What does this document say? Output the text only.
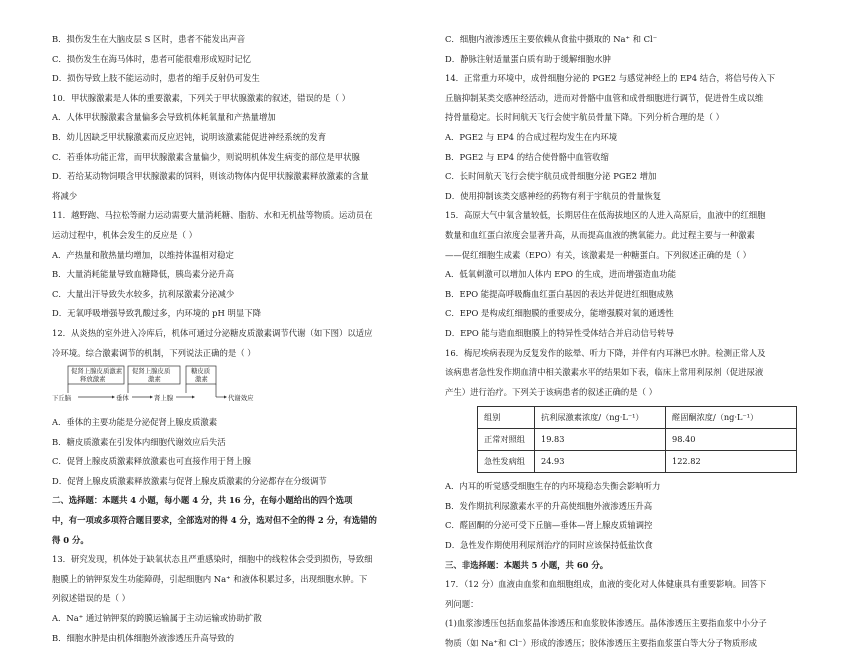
B．损伤发生在大脑皮层 S 区时，患者不能发出声音
C．损伤发生在海马体时，患者可能很难形成短时记忆
D．损伤导致上肢不能运动时，患者的缩手反射仍可发生
10．甲状腺激素是人体的重要激素，下列关于甲状腺激素的叙述，错误的是（ ）
A．人体甲状腺激素含量偏多会导致机体耗氧量和产热量增加
B．幼儿因缺乏甲状腺激素而反应迟钝，说明该激素能促进神经系统的发育
C．若垂体功能正常，而甲状腺激素含量偏少，则说明机体发生病变的部位是甲状腺
D．若给某动物饲喂含甲状腺激素的饲料，则该动物体内促甲状腺激素释放激素的含量
将减少
11．越野跑、马拉松等耐力运动需要大量消耗糖、脂肪、水和无机盐等物质。运动员在
运动过程中，机体会发生的反应是（ ）
A．产热量和散热量均增加，以维持体温相对稳定
B．大量消耗能量导致血糖降低，胰岛素分泌升高
C．大量出汗导致失水较多，抗利尿激素分泌减少
D．无氧呼吸增强导致乳酸过多，内环境的 pH 明显下降
12．从炎热的室外进入冷库后，机体可通过分泌糖皮质激素调节代谢（如下图）以适应
冷环境。综合激素调节的机制，下列说法正确的是（ ）
促肾上腺皮质激素
释放激素
促肾上腺皮质
激素
糖皮质
激素
下丘脑	垂体	肾上腺	代谢效应
A．垂体的主要功能是分泌促肾上腺皮质激素
B．糖皮质激素在引发体内细胞代谢效应后失活
C．促肾上腺皮质激素释放激素也可直接作用于肾上腺
D．促肾上腺皮质激素释放激素与促肾上腺皮质激素的分泌都存在分级调节
二、选择题：本题共 4 小题，每小题 4 分，共 16 分，在每小题给出的四个选项
中，有一项或多项符合题目要求，全部选对的得 4 分，选对但不全的得 2 分，有选错的
得 0 分。
13．研究发现，机体处于缺氧状态且严重感染时，细胞中的线粒体会受到损伤，导致细
胞膜上的钠钾泵发生功能障碍，引起细胞内 Na⁺ 和液体积累过多，出现细胞水肿。下
列叙述错误的是（ ）
A．Na⁺ 通过钠钾泵的跨膜运输属于主动运输或协助扩散
B．细胞水肿是由机体细胞外液渗透压升高导致的
C．细胞内液渗透压主要依赖从食盐中摄取的 Na⁺ 和 Cl⁻
D．静脉注射适量蛋白质有助于缓解细胞水肿
14．正常重力环境中，成骨细胞分泌的 PGE2 与感觉神经上的 EP4 结合，将信号传入下
丘脑抑制某类交感神经活动，进而对骨骼中血管和成骨细胞进行调节，促进骨生成以维
持骨量稳定。长时间航天飞行会使宇航员骨量下降。下列分析合理的是（ ）
A．PGE2 与 EP4 的合成过程均发生在内环境
B．PGE2 与 EP4 的结合使骨骼中血管收缩
C．长时间航天飞行会使宇航员成骨细胞分泌 PGE2 增加
D．使用抑制该类交感神经的药物有利于宇航员的骨量恢复
15．高原大气中氧含量较低，长期居住在低海拔地区的人进入高原后，血液中的红细胞
数量和血红蛋白浓度会显著升高，从而提高血液的携氧能力。此过程主要与一种激素
——促红细胞生成素（EPO）有关，该激素是一种糖蛋白。下列叙述正确的是（ ）
A．低氧刺激可以增加人体内 EPO 的生成，进而增强造血功能
B．EPO 能提高呼吸酶血红蛋白基因的表达并促进红细胞成熟
C．EPO 是构成红细胞膜的重要成分，能增强膜对氧的通透性
D．EPO 能与造血细胞膜上的特异性受体结合并启动信号转导
16．梅尼埃病表现为反复发作的眩晕、听力下降，并伴有内耳淋巴水肿。检测正常人及
该病患者急性发作期血清中相关激素水平的结果如下表，临床上常用利尿剂（促进尿液
产生）进行治疗。下列关于该病患者的叙述正确的是（ ）
组别	抗利尿激素浓度/（ng·L⁻¹）	醛固酮浓度/（ng·L⁻¹）
正常对照组	19.83	98.40
急性发病组	24.93	122.82
A．内耳的听觉感受细胞生存的内环境稳态失衡会影响听力
B．发作期抗利尿激素水平的升高使细胞外液渗透压升高
C．醛固酮的分泌可受下丘脑—垂体—肾上腺皮质轴调控
D．急性发作期使用利尿剂治疗的同时应该保持低盐饮食
三、非选择题：本题共 5 小题，共 60 分。
17．（12 分）血液由血浆和血细胞组成，血液的变化对人体健康具有重要影响。回答下
列问题：
(1)血浆渗透压包括血浆晶体渗透压和血浆胶体渗透压。晶体渗透压主要指血浆中小分子
物质（如 Na⁺和 Cl⁻）形成的渗透压；胶体渗透压主要指血浆蛋白等大分子物质形成
